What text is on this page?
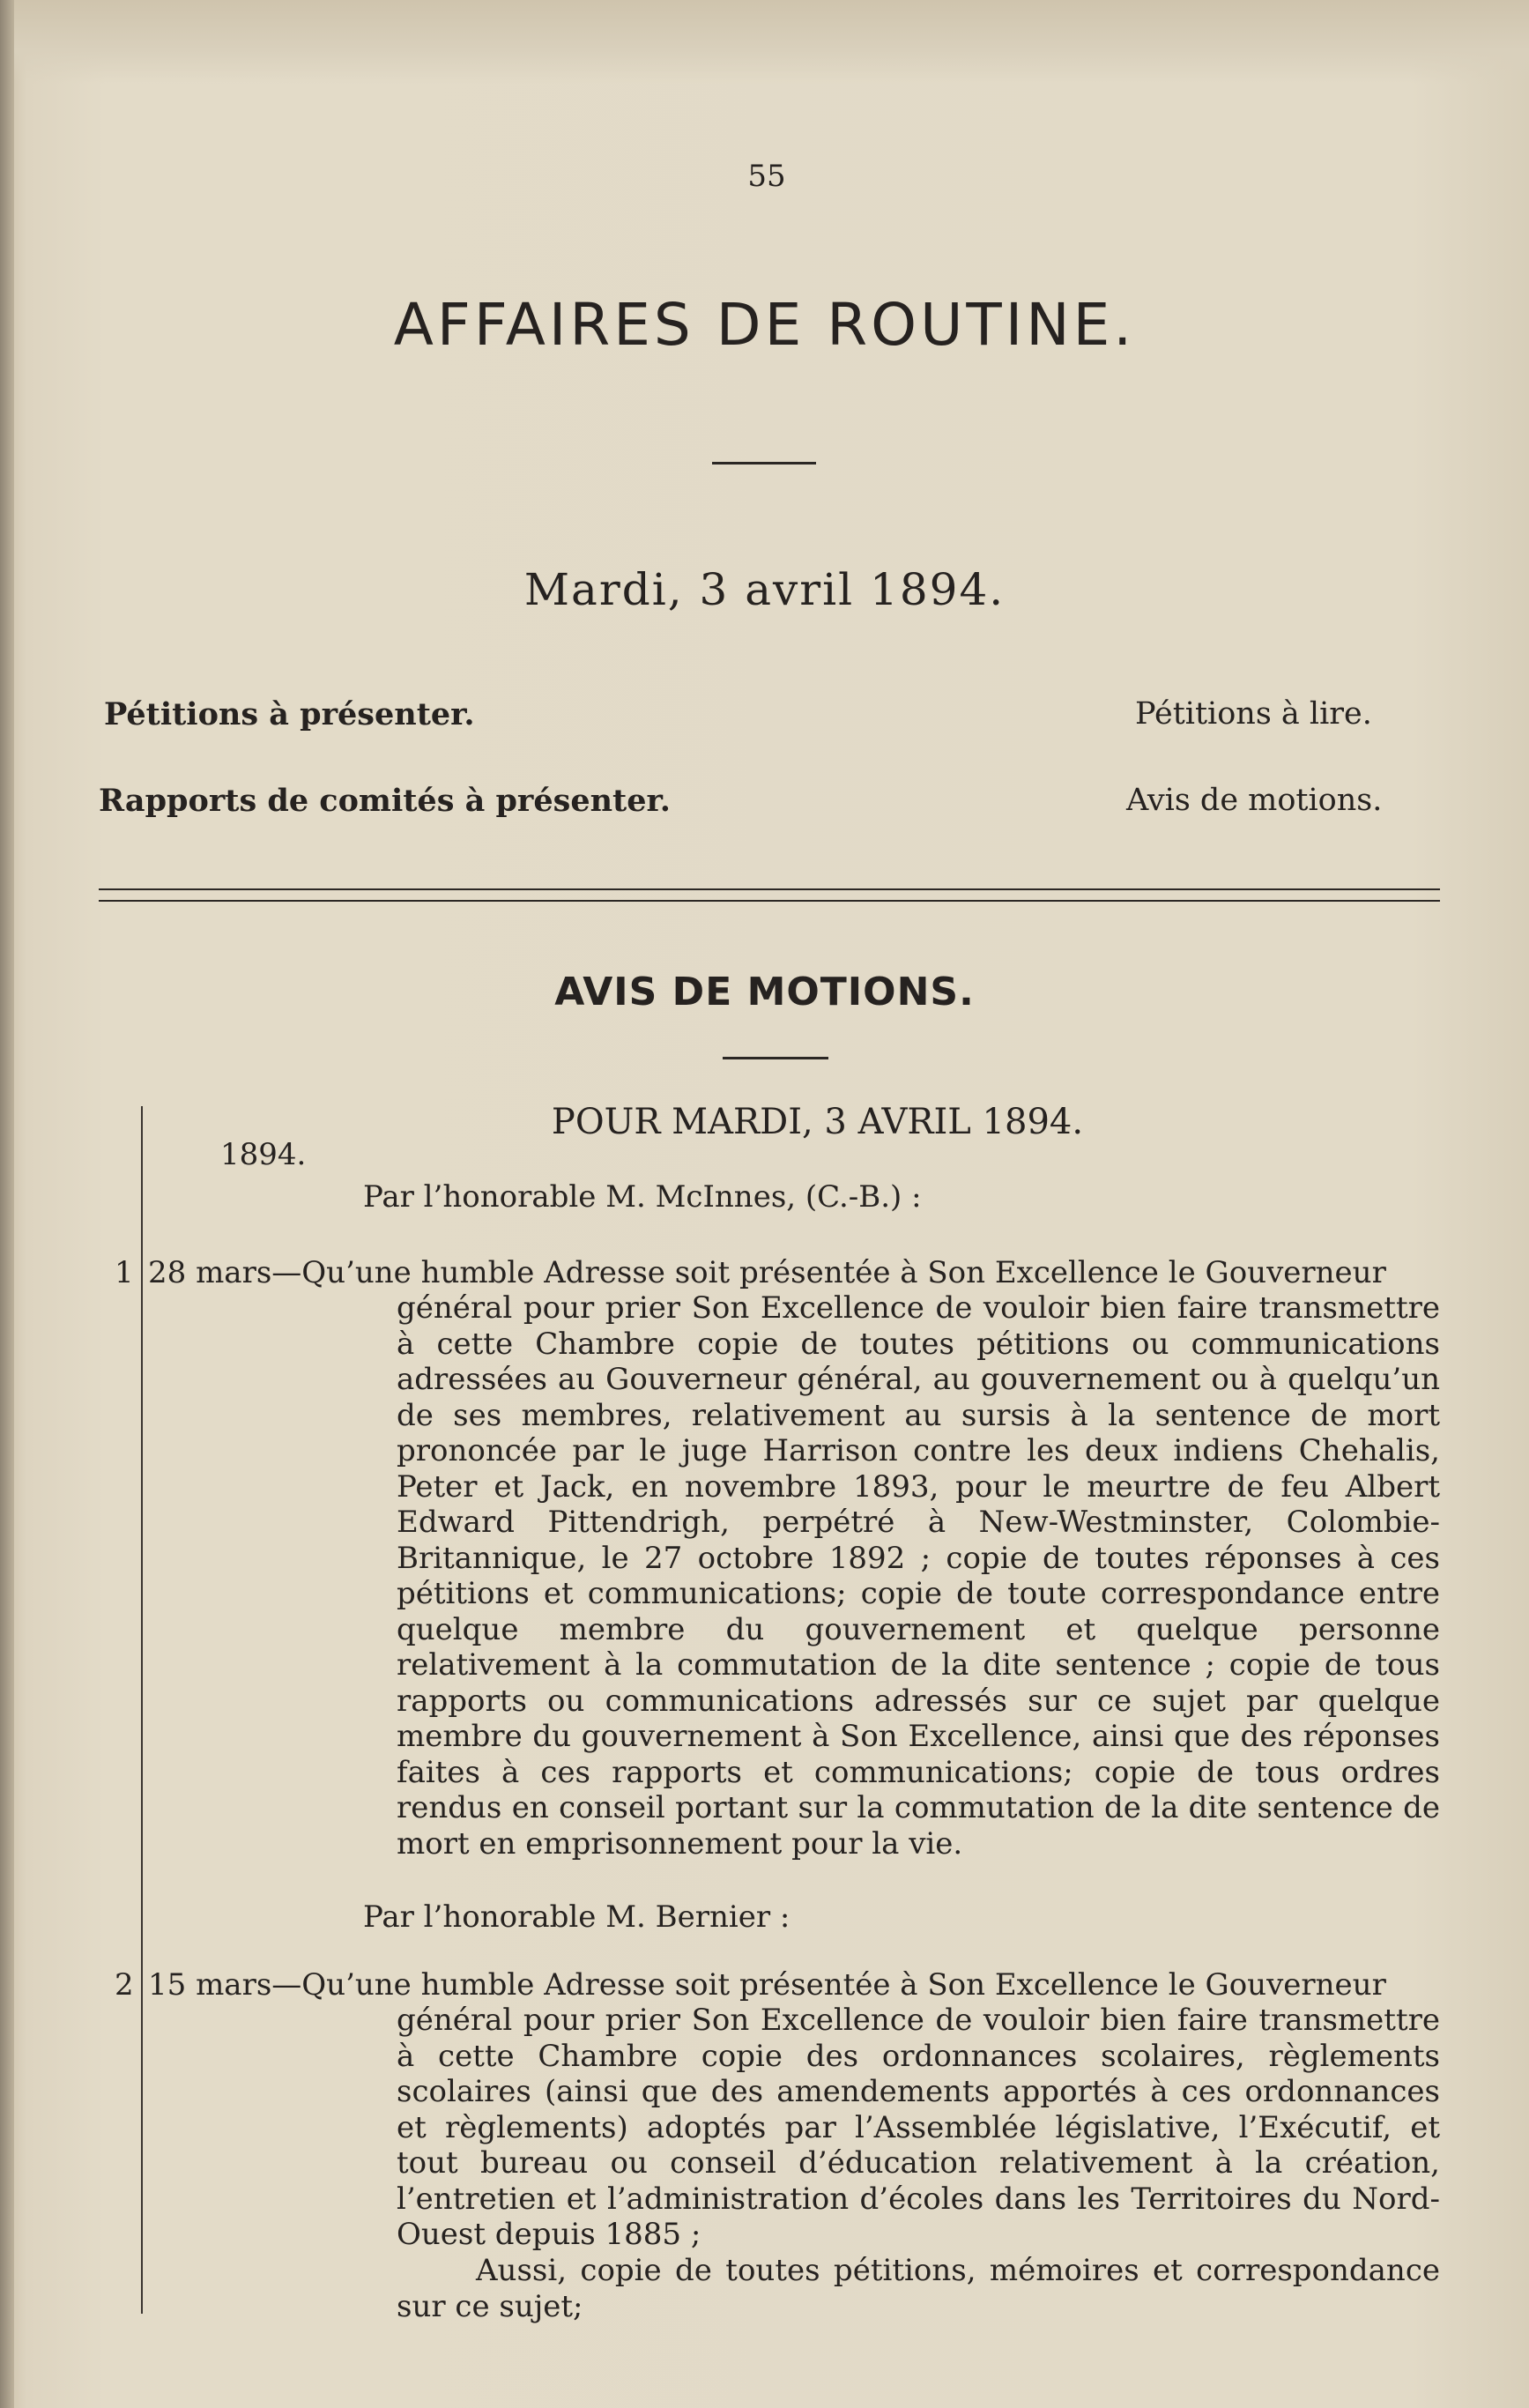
55
AFFAIRES DE ROUTINE.
Mardi, 3 avril 1894.
Pétitions à présenter.	Pétitions à lire.
Rapports de comités à présenter.	Avis de motions.
AVIS DE MOTIONS.
POUR MARDI, 3 AVRIL 1894.
1894.
Par l’honorable M. McInnes, (C.-B.) :
1 28 mars—Qu’une humble Adresse soit présentée à Son Excellence le Gouverneur
général pour prier Son Excellence de vouloir bien faire transmettre à cette Chambre copie de toutes pétitions ou communications adressées au Gouverneur général, au gouvernement ou à quelqu’un de ses membres, relativement au sursis à la sentence de mort prononcée par le juge Harrison contre les deux indiens Chehalis, Peter et Jack, en novembre 1893, pour le meurtre de feu Albert Edward Pittendrigh, perpétré à New-Westminster, Colombie-Britannique, le 27 octobre 1892 ; copie de toutes réponses à ces pétitions et communications; copie de toute correspondance entre quelque membre du gouvernement et quelque personne relativement à la commutation de la dite sentence ; copie de tous rapports ou communications adressés sur ce sujet par quelque membre du gouvernement à Son Excellence, ainsi que des réponses faites à ces rapports et communications; copie de tous ordres rendus en conseil portant sur la commutation de la dite sentence de mort en emprisonnement pour la vie.
Par l’honorable M. Bernier :
2 15 mars—Qu’une humble Adresse soit présentée à Son Excellence le Gouverneur
général pour prier Son Excellence de vouloir bien faire transmettre à cette Chambre copie des ordonnances scolaires, règlements scolaires (ainsi que des amendements apportés à ces ordonnances et règlements) adoptés par l’Assemblée législative, l’Exécutif, et tout bureau ou conseil d’éducation relativement à la création, l’entretien et l’administration d’écoles dans les Territoires du Nord-Ouest depuis 1885 ;
Aussi, copie de toutes pétitions, mémoires et correspondance sur ce sujet;
